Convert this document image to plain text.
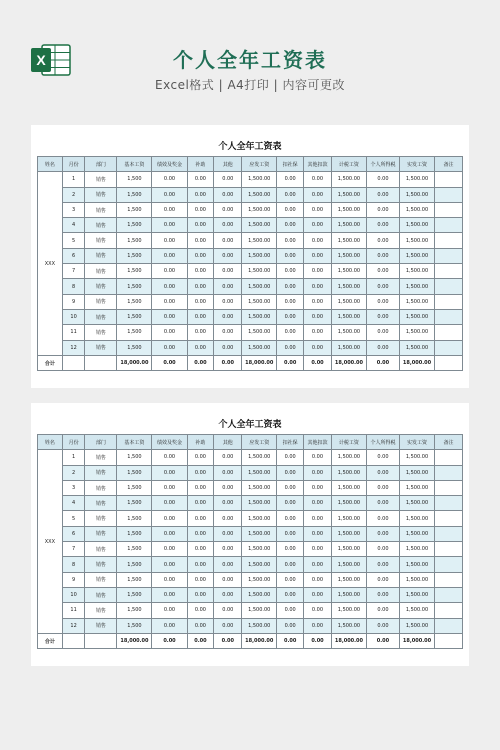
X	个人全年工资表
Excel格式 | A4打印 | 内容可更改
个人全年工资表
姓名	月份	部门	基本工资	绩效及奖金	补助	其他	应发工资	扣社保	其他扣款	计税工资	个人所得税	实发工资	备注
XXX	1	销售	1,500	0.00	0.00	0.00	1,500.00	0.00	0.00	1,500.00	0.00	1,500.00	
	2	销售	1,500	0.00	0.00	0.00	1,500.00	0.00	0.00	1,500.00	0.00	1,500.00	
	3	销售	1,500	0.00	0.00	0.00	1,500.00	0.00	0.00	1,500.00	0.00	1,500.00	
	4	销售	1,500	0.00	0.00	0.00	1,500.00	0.00	0.00	1,500.00	0.00	1,500.00	
	5	销售	1,500	0.00	0.00	0.00	1,500.00	0.00	0.00	1,500.00	0.00	1,500.00	
	6	销售	1,500	0.00	0.00	0.00	1,500.00	0.00	0.00	1,500.00	0.00	1,500.00	
	7	销售	1,500	0.00	0.00	0.00	1,500.00	0.00	0.00	1,500.00	0.00	1,500.00	
	8	销售	1,500	0.00	0.00	0.00	1,500.00	0.00	0.00	1,500.00	0.00	1,500.00	
	9	销售	1,500	0.00	0.00	0.00	1,500.00	0.00	0.00	1,500.00	0.00	1,500.00	
	10	销售	1,500	0.00	0.00	0.00	1,500.00	0.00	0.00	1,500.00	0.00	1,500.00	
	11	销售	1,500	0.00	0.00	0.00	1,500.00	0.00	0.00	1,500.00	0.00	1,500.00	
	12	销售	1,500	0.00	0.00	0.00	1,500.00	0.00	0.00	1,500.00	0.00	1,500.00	
合计			18,000.00	0.00	0.00	0.00	18,000.00	0.00	0.00	18,000.00	0.00	18,000.00	
个人全年工资表
姓名	月份	部门	基本工资	绩效及奖金	补助	其他	应发工资	扣社保	其他扣款	计税工资	个人所得税	实发工资	备注
XXX	1	销售	1,500	0.00	0.00	0.00	1,500.00	0.00	0.00	1,500.00	0.00	1,500.00	
	2	销售	1,500	0.00	0.00	0.00	1,500.00	0.00	0.00	1,500.00	0.00	1,500.00	
	3	销售	1,500	0.00	0.00	0.00	1,500.00	0.00	0.00	1,500.00	0.00	1,500.00	
	4	销售	1,500	0.00	0.00	0.00	1,500.00	0.00	0.00	1,500.00	0.00	1,500.00	
	5	销售	1,500	0.00	0.00	0.00	1,500.00	0.00	0.00	1,500.00	0.00	1,500.00	
	6	销售	1,500	0.00	0.00	0.00	1,500.00	0.00	0.00	1,500.00	0.00	1,500.00	
	7	销售	1,500	0.00	0.00	0.00	1,500.00	0.00	0.00	1,500.00	0.00	1,500.00	
	8	销售	1,500	0.00	0.00	0.00	1,500.00	0.00	0.00	1,500.00	0.00	1,500.00	
	9	销售	1,500	0.00	0.00	0.00	1,500.00	0.00	0.00	1,500.00	0.00	1,500.00	
	10	销售	1,500	0.00	0.00	0.00	1,500.00	0.00	0.00	1,500.00	0.00	1,500.00	
	11	销售	1,500	0.00	0.00	0.00	1,500.00	0.00	0.00	1,500.00	0.00	1,500.00	
	12	销售	1,500	0.00	0.00	0.00	1,500.00	0.00	0.00	1,500.00	0.00	1,500.00	
合计			18,000.00	0.00	0.00	0.00	18,000.00	0.00	0.00	18,000.00	0.00	18,000.00	
